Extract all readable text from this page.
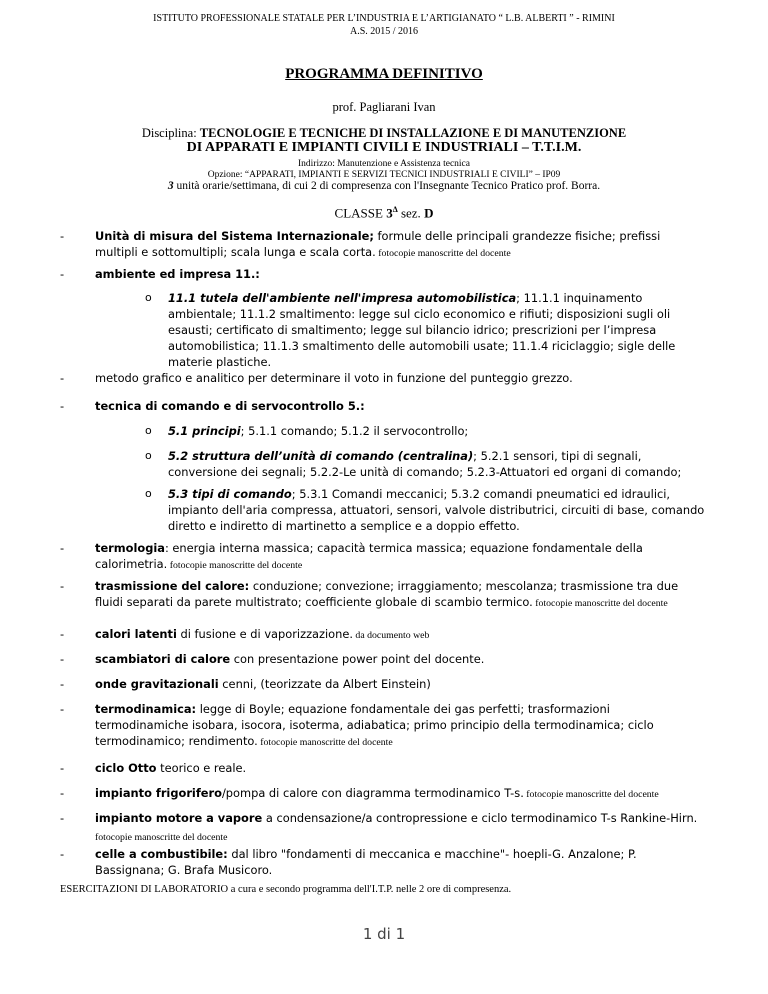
ISTITUTO PROFESSIONALE STATALE PER L’INDUSTRIA E L’ARTIGIANATO “ L.B. ALBERTI ” - RIMINI
A.S. 2015 / 2016
PROGRAMMA DEFINITIVO
prof. Pagliarani Ivan
Disciplina: TECNOLOGIE E TECNICHE DI INSTALLAZIONE E DI MANUTENZIONE
DI APPARATI E IMPIANTI CIVILI E INDUSTRIALI – T.T.I.M.
Indirizzo: Manutenzione e Assistenza tecnica
Opzione: “APPARATI, IMPIANTI E SERVIZI TECNICI INDUSTRIALI E CIVILI” – IP09
3 unità orarie/settimana, di cui 2 di compresenza con l'Insegnante Tecnico Pratico prof. Borra.
CLASSE $3^\Delta$ sez. D
-	Unità di misura del Sistema Internazionale; formule delle principali grandezze fisiche; prefissi multipli e sottomultipli; scala lunga e scala corta. fotocopie manoscritte del docente
-	ambiente ed impresa 11.:
o 11.1 tutela dell'ambiente nell'impresa automobilistica; 11.1.1 inquinamento ambientale; 11.1.2 smaltimento: legge sul ciclo economico e rifiuti; disposizioni sugli oli esausti; certificato di smaltimento; legge sul bilancio idrico; prescrizioni per l’impresa automobilistica; 11.1.3 smaltimento delle automobili usate; 11.1.4 riciclaggio; sigle delle materie plastiche.
-	metodo grafico e analitico per determinare il voto in funzione del punteggio grezzo.
-	tecnica di comando e di servocontrollo 5.:
o 5.1 principi; 5.1.1 comando; 5.1.2 il servocontrollo;
o 5.2 struttura dell’unità di comando (centralina); 5.2.1 sensori, tipi di segnali, conversione dei segnali; 5.2.2-Le unità di comando; 5.2.3-Attuatori ed organi di comando;
o 5.3 tipi di comando; 5.3.1 Comandi meccanici; 5.3.2 comandi pneumatici ed idraulici, impianto dell'aria compressa, attuatori, sensori, valvole distributrici, circuiti di base, comando diretto e indiretto di martinetto a semplice e a doppio effetto.
-	termologia: energia interna massica; capacità termica massica; equazione fondamentale della calorimetria. fotocopie manoscritte del docente
-	trasmissione del calore: conduzione; convezione; irraggiamento; mescolanza; trasmissione tra due fluidi separati da parete multistrato; coefficiente globale di scambio termico. fotocopie manoscritte del docente
-	calori latenti di fusione e di vaporizzazione. da documento web
-	scambiatori di calore con presentazione power point del docente.
-	onde gravitazionali cenni, (teorizzate da Albert Einstein)
-	termodinamica: legge di Boyle; equazione fondamentale dei gas perfetti; trasformazioni termodinamiche isobara, isocora, isoterma, adiabatica; primo principio della termodinamica; ciclo termodinamico; rendimento. fotocopie manoscritte del docente
-	ciclo Otto teorico e reale.
-	impianto frigorifero/pompa di calore con diagramma termodinamico T-s. fotocopie manoscritte del docente
-	impianto motore a vapore a condensazione/a contropressione e ciclo termodinamico T-s Rankine-Hirn. fotocopie manoscritte del docente
-	celle a combustibile: dal libro "fondamenti di meccanica e macchine"- hoepli-G. Anzalone; P. Bassignana; G. Brafa Musicoro.
ESERCITAZIONI DI LABORATORIO a cura e secondo programma dell'I.T.P. nelle 2 ore di compresenza.
1 di 1
